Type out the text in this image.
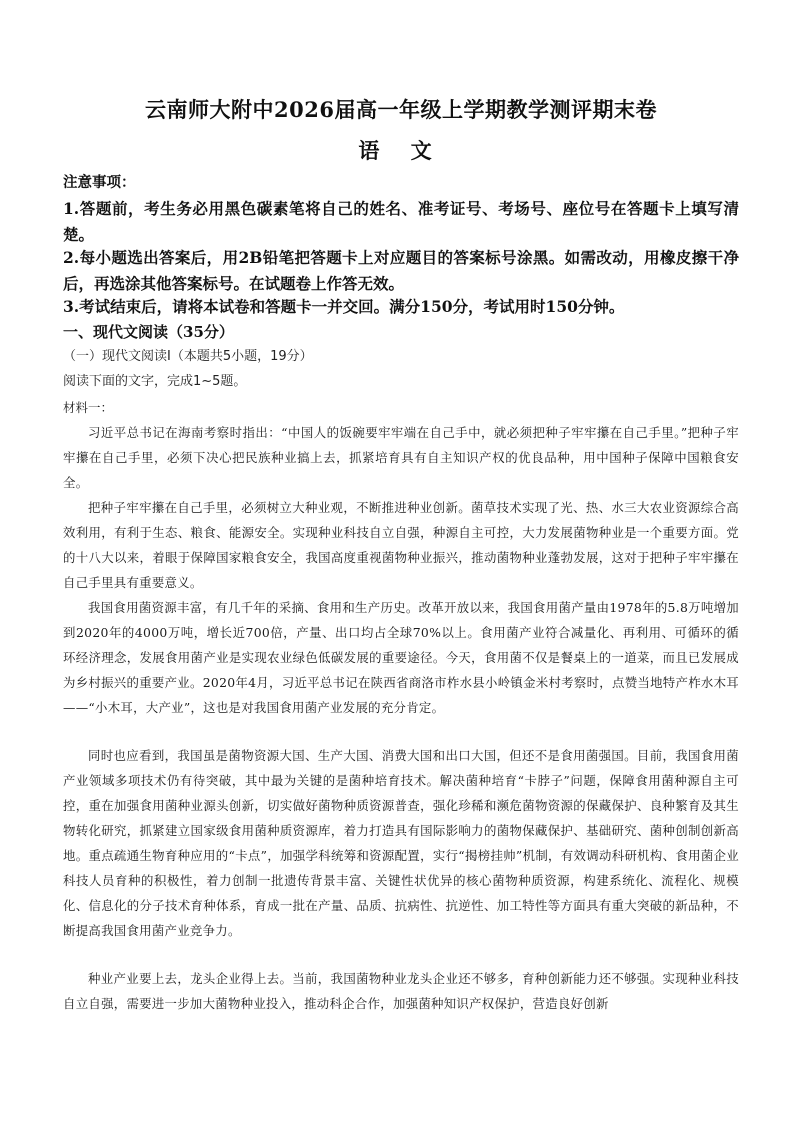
云南师大附中2026届高一年级上学期教学测评期末卷
语 文
注意事项：
1.答题前，考生务必用黑色碳素笔将自己的姓名、准考证号、考场号、座位号在答题卡上填写清楚。
2.每小题选出答案后，用2B铅笔把答题卡上对应题目的答案标号涂黑。如需改动，用橡皮擦干净后，再选涂其他答案标号。在试题卷上作答无效。
3.考试结束后，请将本试卷和答题卡一并交回。满分150分，考试用时150分钟。
一、现代文阅读（35分）
（一）现代文阅读Ⅰ（本题共5小题，19分）
阅读下面的文字，完成1~5题。
材料一：
习近平总书记在海南考察时指出：“中国人的饭碗要牢牢端在自己手中，就必须把种子牢牢攥在自己手里。”把种子牢牢攥在自己手里，必须下决心把民族种业搞上去，抓紧培育具有自主知识产权的优良品种，用中国种子保障中国粮食安全。
把种子牢牢攥在自己手里，必须树立大种业观，不断推进种业创新。菌草技术实现了光、热、水三大农业资源综合高效利用，有利于生态、粮食、能源安全。实现种业科技自立自强，种源自主可控，大力发展菌物种业是一个重要方面。党的十八大以来，着眼于保障国家粮食安全，我国高度重视菌物种业振兴，推动菌物种业蓬勃发展，这对于把种子牢牢攥在自己手里具有重要意义。
我国食用菌资源丰富，有几千年的采摘、食用和生产历史。改革开放以来，我国食用菌产量由1978年的5.8万吨增加到2020年的4000万吨，增长近700倍，产量、出口均占全球70%以上。食用菌产业符合减量化、再利用、可循环的循环经济理念，发展食用菌产业是实现农业绿色低碳发展的重要途径。今天，食用菌不仅是餐桌上的一道菜，而且已发展成为乡村振兴的重要产业。2020年4月，习近平总书记在陕西省商洛市柞水县小岭镇金米村考察时，点赞当地特产柞水木耳——“小木耳，大产业”，这也是对我国食用菌产业发展的充分肯定。
同时也应看到，我国虽是菌物资源大国、生产大国、消费大国和出口大国，但还不是食用菌强国。目前，我国食用菌产业领域多项技术仍有待突破，其中最为关键的是菌种培育技术。解决菌种培育“卡脖子”问题，保障食用菌种源自主可控，重在加强食用菌种业源头创新，切实做好菌物种质资源普查，强化珍稀和濒危菌物资源的保藏保护、良种繁育及其生物转化研究，抓紧建立国家级食用菌种质资源库，着力打造具有国际影响力的菌物保藏保护、基础研究、菌种创制创新高地。重点疏通生物育种应用的“卡点”，加强学科统筹和资源配置，实行“揭榜挂帅”机制，有效调动科研机构、食用菌企业科技人员育种的积极性，着力创制一批遗传背景丰富、关键性状优异的核心菌物种质资源，构建系统化、流程化、规模化、信息化的分子技术育种体系，育成一批在产量、品质、抗病性、抗逆性、加工特性等方面具有重大突破的新品种，不断提高我国食用菌产业竞争力。
种业产业要上去，龙头企业得上去。当前，我国菌物种业龙头企业还不够多，育种创新能力还不够强。实现种业科技自立自强，需要进一步加大菌物种业投入，推动科企合作，加强菌种知识产权保护，营造良好创新
